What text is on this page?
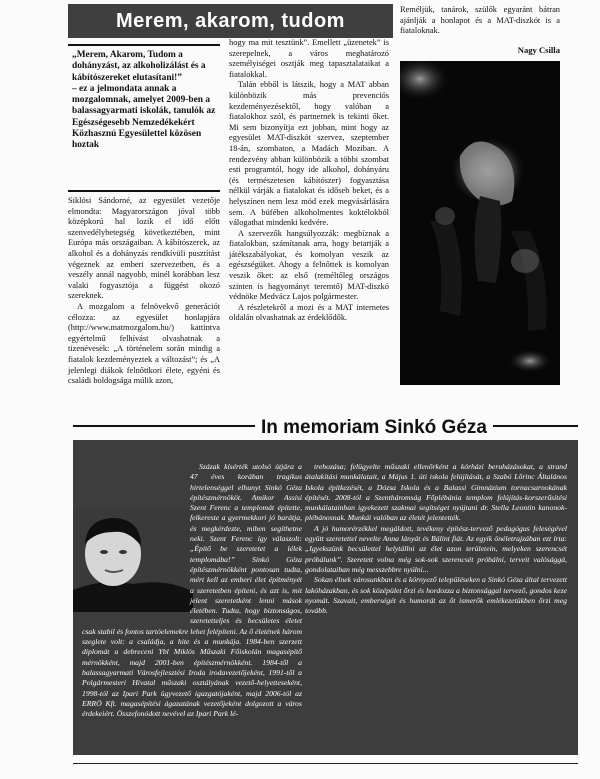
Merem, akarom, tudom
„Merem, Akarom, Tudom a dohányzást, az alkoholizálást és a kábítószereket elutasítani!”
– ez a jelmondata annak a mozgalomnak, amelyet 2009-ben a balassagyarmati iskolák, tanulók az Egészségesebb Nemzedékekért Közhasznú Egyesülettel közösen hoztak

Siklósi Sándorné, az egyesület vezetője elmondta: Magyarországon jóval több középkorú hal lozik el idő előtt szenvedélybetegség következtében, mint Európa más országaiban. A kábítószerek, az alkohol és a dohányzás rendkívüli pusztítást végeznek az emberi szervezetben, és a veszély annál nagyobb, minél korábban lesz valaki fogyasztója a függést okozó szereknek.

A mozgalom a felnövekvő generációt célozza: az egyesület honlapjára (http://www.matmozgalom.hu/) kattintva egyértelmű felhívást olvashatnak a tizenévesek: „A történelem során mindig a fiatalok kezdeményeztek a változást”; és „A jelenlegi diákok felnőttkori élete, egyéni és családi boldogsága múlik azon,

hogy ma mit tesztünk”. Emellett „üzenetek” is szerepelnek, a város meghatározó személyiségei osztják meg tapasztalataikat a fiatalokkal.

Talán ebből is látszik, hogy a MAT abban különbözik más prevenciós kezdeményezésektől, hogy valóban a fiatalokhoz szól, és partnernek is tekinti őket. Mi sem bizonyítja ezt jobban, mint hogy az egyesület MAT-diszkót szervez, szeptember 18-án, szombaton, a Madách Moziban. A rendezvény abban különbözik a többi szombat esti programtól, hogy ide alkohol, dohányáru (és természetesen kábítószer) fogyasztása nélkül várják a fiatalokat és időseb beket, és a helyszínen nem lesz mód ezek megvásárlására sem. A büfében alkoholmentes koktélokból válogathat mindenki kedvére.

A szervezők hangsúlyozzák: megbíznak a fiatalokban, számítanak arra, hogy betartják a játékszabályokat, és komolyan veszik az egészségüket. Ahogy a felnőttek is komolyan veszik őket: az első (reméltőleg országos szinten is hagyományt teremtő) MAT-diszkó védnöke Medvácz Lajos polgármester.

A részletekről a mozi és a MAT internetes oldalán olvashatnak az érdeklődők.

Reméljük, tanárok, szülők egyaránt bátran ajánlják a honlapot és a MAT-diszkót is a fiataloknak.

Nagy Csilla
In memoriam Sinkó Géza

Százak kísérték utolsó útjára a 47 éves korában tragikus hirtelenséggel elhunyt Sinkó Géza építészmérnököt. Amikor Assisi Szent Ferenc a templomát építette, felkereste a gyermekkori jó barátja, és megkérdezte, miben segíthetne neki. Szent Ferenc így válaszolt: „Építő be szeretetet a lélek templomába!” Sinkó Géza építészmérnökként pontosan tudta, mért kell az emberi élet építményét a szeretetben építeni, és azt is, mit jelent szeretetként lenni mások életében. Tudta, hogy biztonságos, szeretetteljes és becsületes életet csak stabil és fontos tartóelemekre lehet felépíteni. Az ő életének három szeglete volt: a családja, a hite és a munkája. 1984-ben szerzett diplomát a debreceni Ybl Miklós Műszaki Főiskolán magasépítő mérnökként, majd 2001-ben építészmérnökként. 1984-től a balassagyarmati Városfejlesztési Iroda irodavezetőjeként, 1991-től a Polgármesteri Hivatal műszaki osztályának vezető-helyetteseként, 1998-tól az Ipari Park ügyvezető igazgatójaként, majd 2006-tól az ERRÖ Kft. magasépítési ágazatának vezetőjeként dolgozott a város érdekeiért. Összefonódott nevével az Ipari Park lé-

trehozása; felügyelte műszaki ellenőrként a kórházi beruházásokat, a strand átalakítási munkálatait, a Május 1. úti iskola felújítását, a Szabó Lőrinc Általános Iskola építkezését, a Dózsa Iskola és a Balassi Gimnázium tornacsarnokának építését. 2008-tól a Szentháromság Főplébánia templom felújítás-korszerűsítési munkálatainban igyekezett szakmai segítséget nyújtani dr. Stella Leontin kanonok-plébánosnak. Munkái valóban az életét jelentették.

A jó humorérzékkel megáldott, tevékeny építész-tervező pedagógus feleségével együtt szeretettel nevelte Anna lányát és Bálint fiát. Az egyik önéletrajzában ezt írta: „Igyekszünk becsülettel helytállni az élet azon területein, melyeken szerencsét próbálunk”. Szeretett volna még sok-sok szerencsét próbálni, terveit valósággá, gondolataiban még messzebbre nyúlni...

Sokan élnek városunkban és a környező településeken a Sinkó Géza által tervezett lakóházakban, és sok középület őrzi és hordozza a biztonsággal tervező, gondos keze nyomát. Szavait, emberségét és humorát az őt ismerők emlékezetükben őrzi meg tovább.
